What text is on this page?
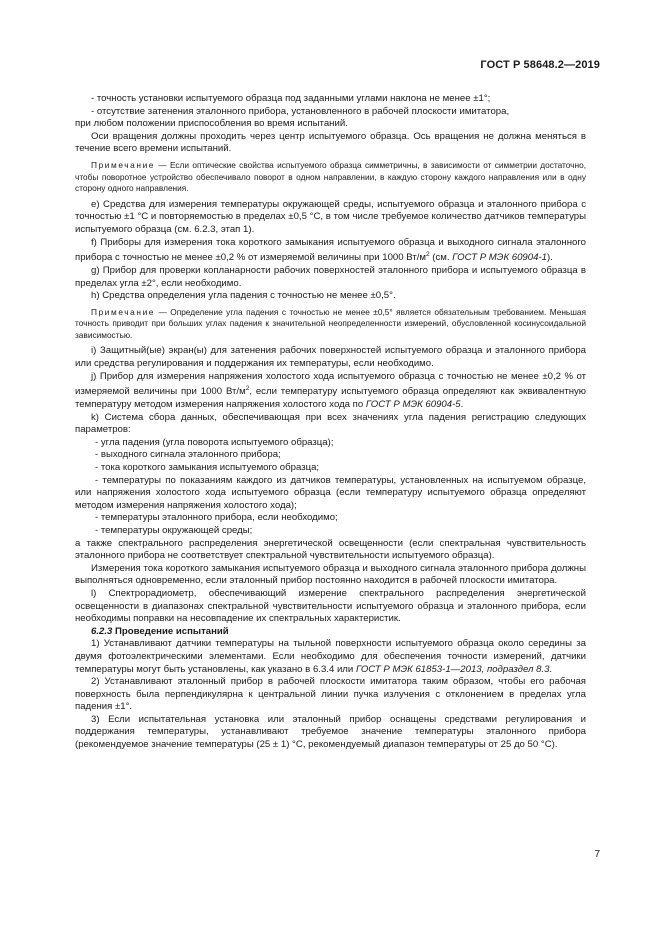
ГОСТ Р 58648.2—2019

- точность установки испытуемого образца под заданными углами наклона не менее ±1°;

- отсутствие затенения эталонного прибора, установленного в рабочей плоскости имитатора,

при любом положении приспособления во время испытаний.

Оси вращения должны проходить через центр испытуемого образца. Ось вращения не должна меняться в течение всего времени испытаний.

Примечание — Если оптические свойства испытуемого образца симметричны, в зависимости от симметрии достаточно, чтобы поворотное устройство обеспечивало поворот в одном направлении, в каждую сторону каждого направления или в одну сторону одного направления.

e) Средства для измерения температуры окружающей среды, испытуемого образца и эталонного прибора с точностью ±1 °С и повторяемостью в пределах ±0,5 °С, в том числе требуемое количество датчиков температуры испытуемого образца (см. 6.2.3, этап 1).

f) Приборы для измерения тока короткого замыкания испытуемого образца и выходного сигнала эталонного прибора с точностью не менее ±0,2 % от измеряемой величины при 1000 $Вт/м^2$ (см. ГОСТ Р МЭК 60904-1).

g) Прибор для проверки копланарности рабочих поверхностей эталонного прибора и испытуемого образца в пределах угла ±2°, если необходимо.

h) Средства определения угла падения с точностью не менее ±0,5°.

Примечание — Определение угла падения с точностью не менее ±0,5° является обязательным требованием. Меньшая точность приводит при больших углах падения к значительной неопределенности измерений, обусловленной косинусоидальной зависимостью.

i) Защитный(ые) экран(ы) для затенения рабочих поверхностей испытуемого образца и эталонного прибора или средства регулирования и поддержания их температуры, если необходимо.

j) Прибор для измерения напряжения холостого хода испытуемого образца с точностью не менее ±0,2 % от измеряемой величины при 1000 $Вт/м^2$, если температуру испытуемого образца определяют как эквивалентную температуру методом измерения напряжения холостого хода по ГОСТ Р МЭК 60904-5.

k) Система сбора данных, обеспечивающая при всех значениях угла падения регистрацию следующих параметров:

- угла падения (угла поворота испытуемого образца);

- выходного сигнала эталонного прибора;

- тока короткого замыкания испытуемого образца;

- температуры по показаниям каждого из датчиков температуры, установленных на испытуемом образце, или напряжения холостого хода испытуемого образца (если температуру испытуемого образца определяют методом измерения напряжения холостого хода);

- температуры эталонного прибора, если необходимо;

- температуры окружающей среды;

а также спектрального распределения энергетической освещенности (если спектральная чувствительность эталонного прибора не соответствует спектральной чувствительности испытуемого образца).

Измерения тока короткого замыкания испытуемого образца и выходного сигнала эталонного прибора должны выполняться одновременно, если эталонный прибор постоянно находится в рабочей плоскости имитатора.

l) Спектрорадиометр, обеспечивающий измерение спектрального распределения энергетической освещенности в диапазонах спектральной чувствительности испытуемого образца и эталонного прибора, если необходимы поправки на несовпадение их спектральных характеристик.

6.2.3 Проведение испытаний

1) Устанавливают датчики температуры на тыльной поверхности испытуемого образца около середины за двумя фотоэлектрическими элементами. Если необходимо для обеспечения точности измерений, датчики температуры могут быть установлены, как указано в 6.3.4 или ГОСТ Р МЭК 61853-1—2013, подраздел 8.3.

2) Устанавливают эталонный прибор в рабочей плоскости имитатора таким образом, чтобы его рабочая поверхность была перпендикулярна к центральной линии пучка излучения с отклонением в пределах угла падения ±1°.

3) Если испытательная установка или эталонный прибор оснащены средствами регулирования и поддержания температуры, устанавливают требуемое значение температуры эталонного прибора (рекомендуемое значение температуры (25 ± 1) °С, рекомендуемый диапазон температуры от 25 до 50 °С).

7
